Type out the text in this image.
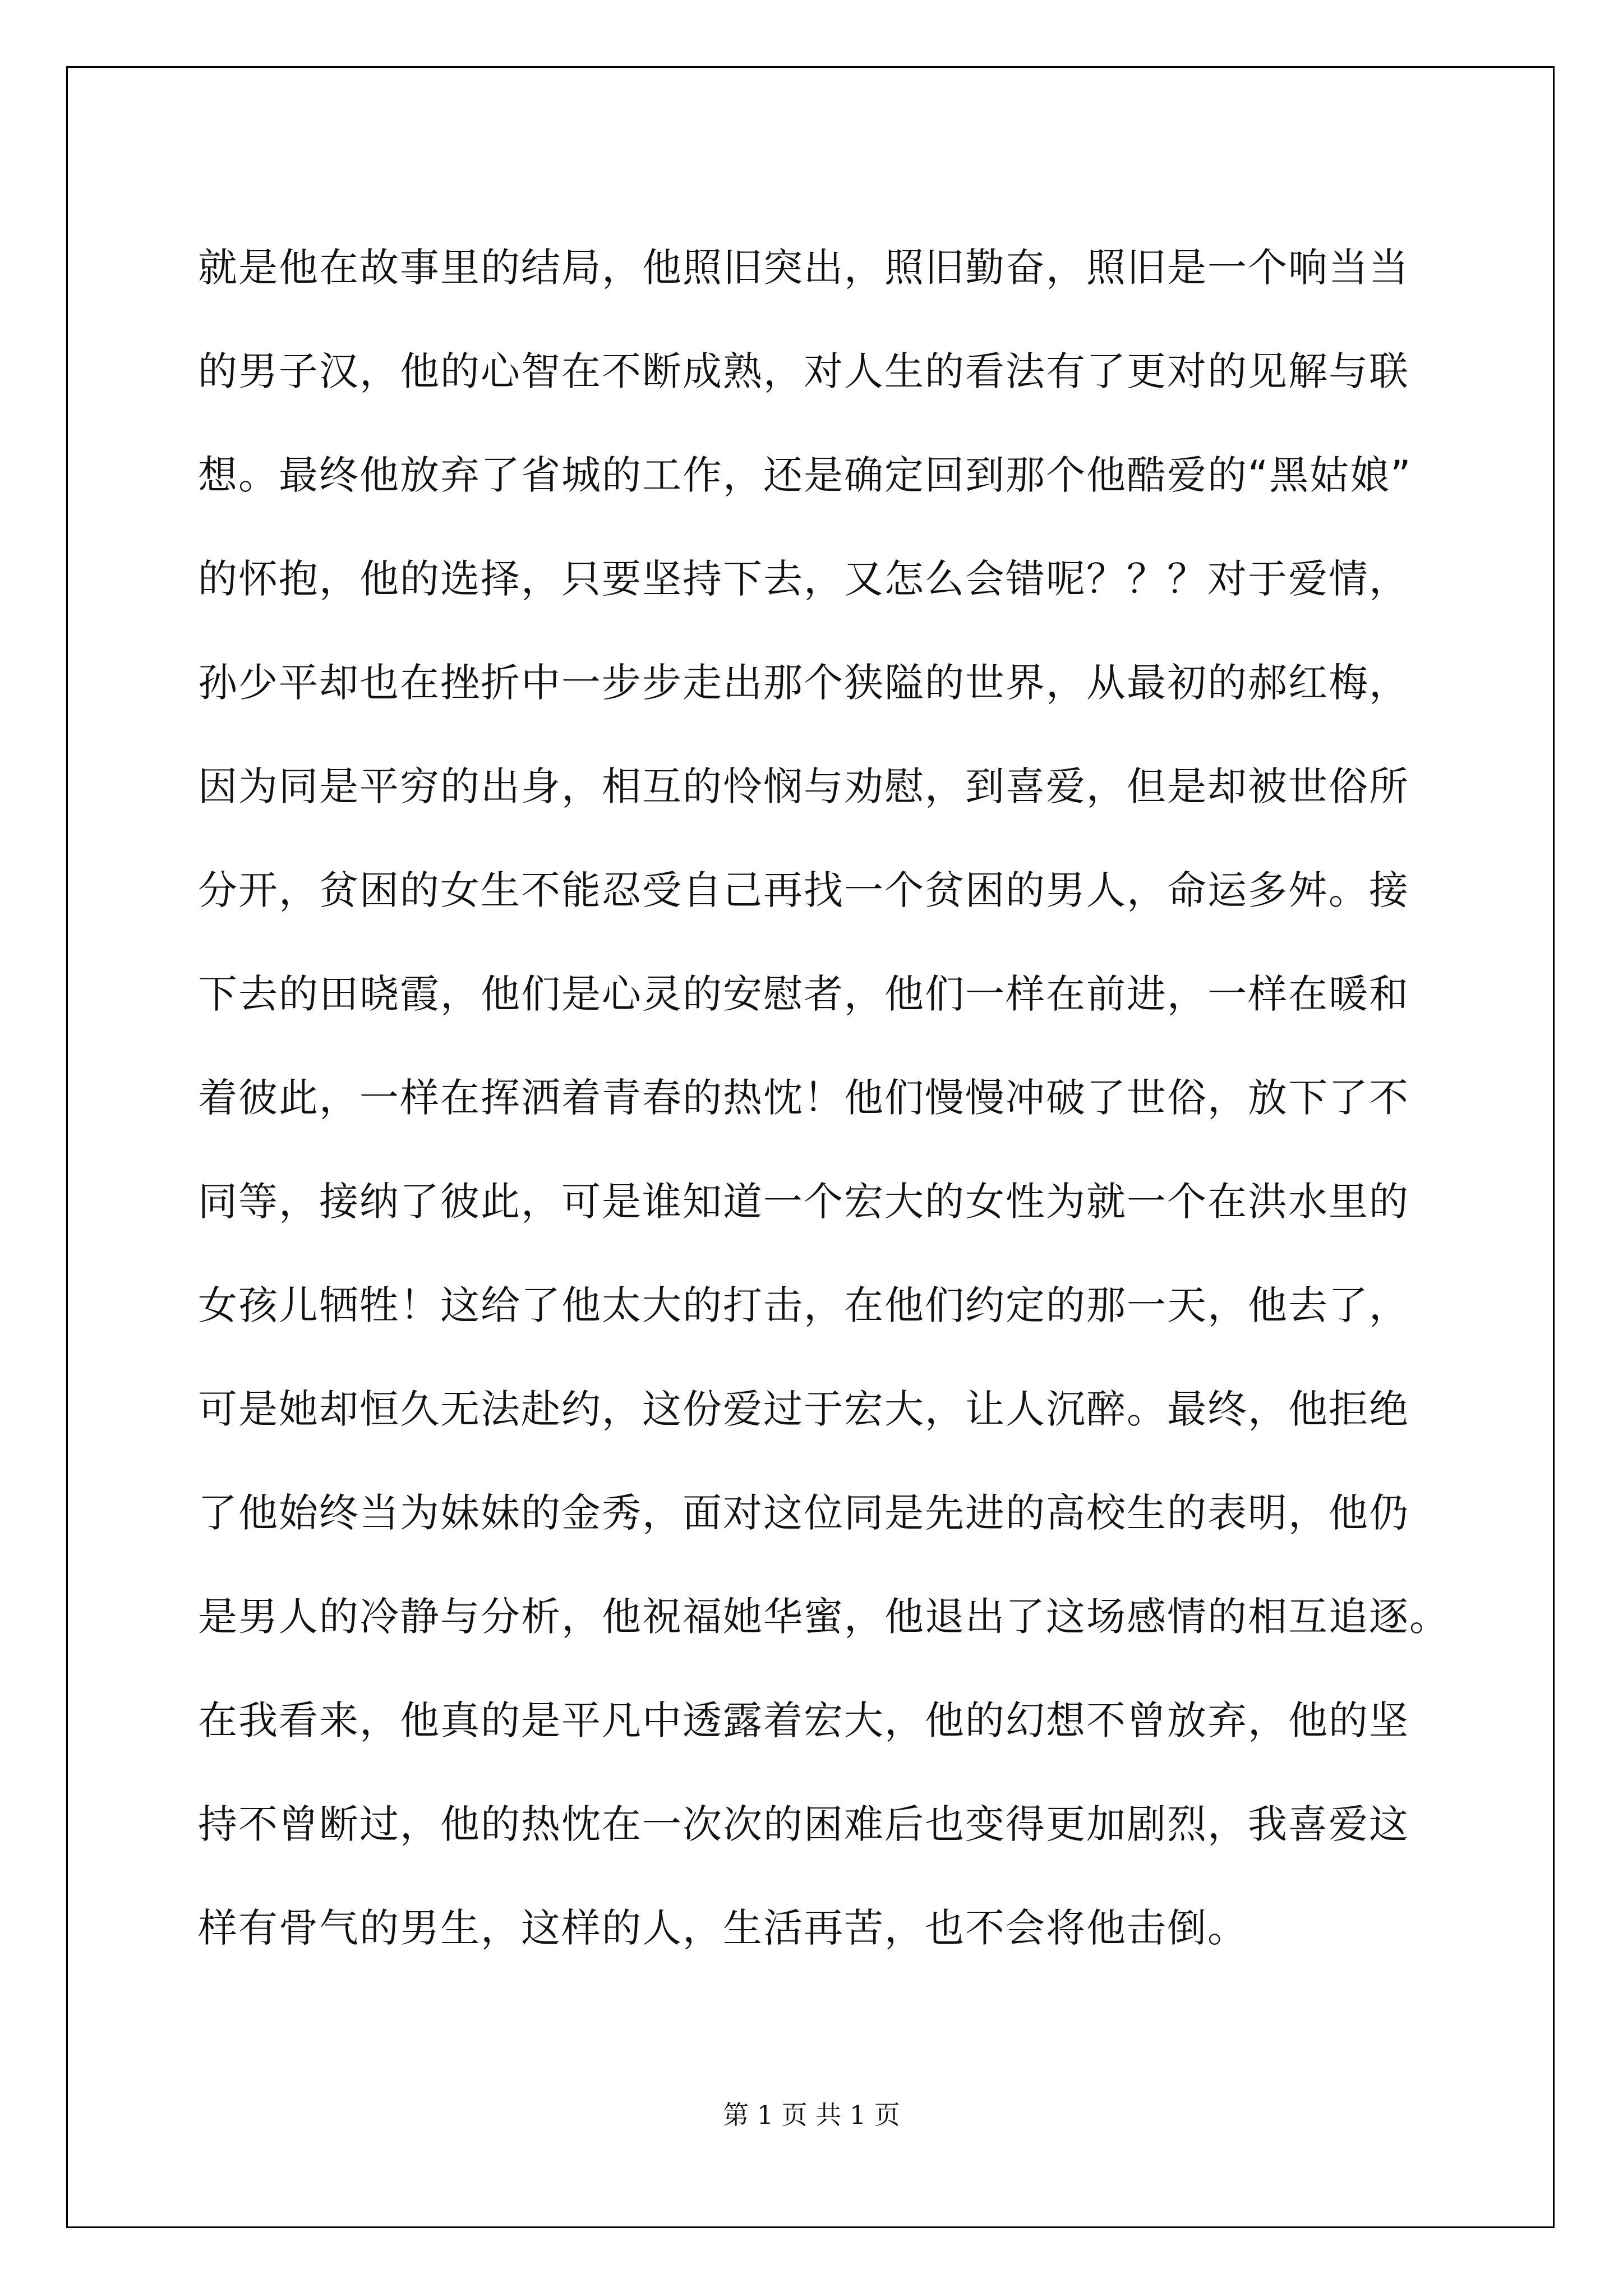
就是他在故事里的结局，他照旧突出，照旧勤奋，照旧是一个响当当
的男子汉，他的心智在不断成熟，对人生的看法有了更对的见解与联
想。最终他放弃了省城的工作，还是确定回到那个他酷爱的“黑姑娘”
的怀抱，他的选择，只要坚持下去，又怎么会错呢？？？对于爱情，
孙少平却也在挫折中一步步走出那个狭隘的世界，从最初的郝红梅，
因为同是平穷的出身，相互的怜悯与劝慰，到喜爱，但是却被世俗所
分开，贫困的女生不能忍受自己再找一个贫困的男人，命运多舛。接
下去的田晓霞，他们是心灵的安慰者，他们一样在前进，一样在暖和
着彼此，一样在挥洒着青春的热忱！他们慢慢冲破了世俗，放下了不
同等，接纳了彼此，可是谁知道一个宏大的女性为就一个在洪水里的
女孩儿牺牲！这给了他太大的打击，在他们约定的那一天，他去了，
可是她却恒久无法赴约，这份爱过于宏大，让人沉醉。最终，他拒绝
了他始终当为妹妹的金秀，面对这位同是先进的高校生的表明，他仍
是男人的冷静与分析，他祝福她华蜜，他退出了这场感情的相互追逐。
在我看来，他真的是平凡中透露着宏大，他的幻想不曾放弃，他的坚
持不曾断过，他的热忱在一次次的困难后也变得更加剧烈，我喜爱这
样有骨气的男生，这样的人，生活再苦，也不会将他击倒。
第 1 页 共 1 页
